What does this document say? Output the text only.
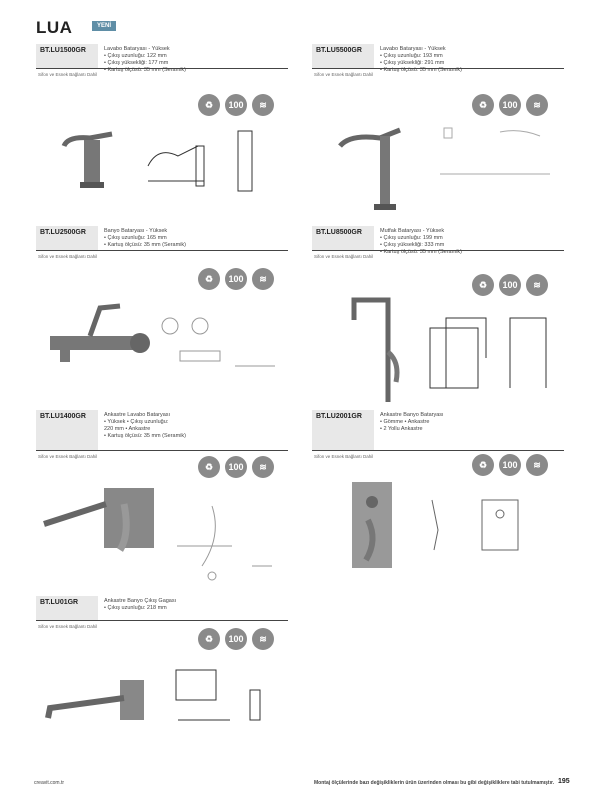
LUA	YENİ
BT.LU1500GR	Lavabo Bataryası - Yüksek
• Çıkış uzunluğu: 122 mm
• Çıkış yüksekliği: 177 mm
• Kartuş ölçüsü: 35 mm (Seramik)
Sifon ve Esnek Bağlantı Dahil
♻	100	≋
BT.LU5500GR	Lavabo Bataryası - Yüksek
• Çıkış uzunluğu: 193 mm
• Çıkış yüksekliği: 291 mm
• Kartuş ölçüsü: 35 mm (Seramik)
Sifon ve Esnek Bağlantı Dahil
♻	100	≋
BT.LU2500GR	Banyo Bataryası - Yüksek
• Çıkış uzunluğu: 165 mm
• Kartuş ölçüsü: 35 mm (Seramik)
Sifon ve Esnek Bağlantı Dahil
♻	100	≋
BT.LU8500GR	Mutfak Bataryası - Yüksek
• Çıkış uzunluğu: 199 mm
• Çıkış yüksekliği: 333 mm
• Kartuş ölçüsü: 35 mm (Seramik)
Sifon ve Esnek Bağlantı Dahil
♻	100	≋
BT.LU1400GR	Ankastre Lavabo Bataryası
• Yüksek • Çıkış uzunluğu:
220 mm • Ankastre
• Kartuş ölçüsü: 35 mm (Seramik)
Sifon ve Esnek Bağlantı Dahil
♻	100	≋
BT.LU2001GR	Ankastre Banyo Bataryası
• Gömme • Ankastre
• 2 Yollu Ankastre
Sifon ve Esnek Bağlantı Dahil
♻	100	≋
BT.LU01GR	Ankastre Banyo Çıkış Gagası
• Çıkış uzunluğu: 218 mm
Sifon ve Esnek Bağlantı Dahil
♻	100	≋
creavit.com.tr	Montaj ölçülerinde bazı değişikliklerin ürün üzerinden olması bu gibi değişikliklere tabi tutulmamıştır. 195
